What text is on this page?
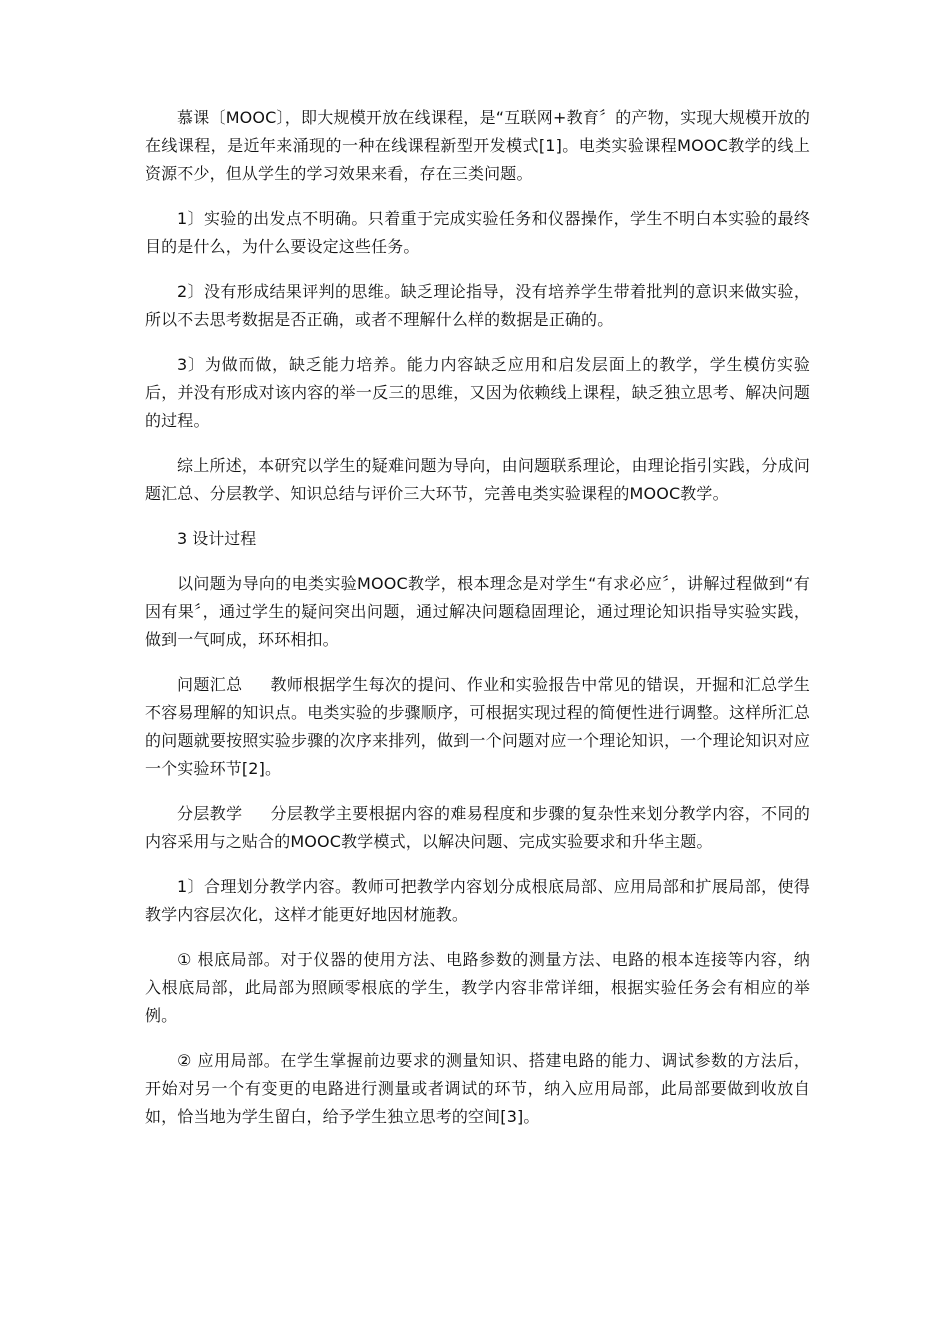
慕课〔MOOC〕，即大规模开放在线课程，是“互联网+教育〞的产物，实现大规模开放的在线课程，是近年来涌现的一种在线课程新型开发模式[1]。电类实验课程MOOC教学的线上资源不少，但从学生的学习效果来看，存在三类问题。

1〕实验的出发点不明确。只着重于完成实验任务和仪器操作，学生不明白本实验的最终目的是什么，为什么要设定这些任务。

2〕没有形成结果评判的思维。缺乏理论指导，没有培养学生带着批判的意识来做实验，所以不去思考数据是否正确，或者不理解什么样的数据是正确的。

3〕为做而做，缺乏能力培养。能力内容缺乏应用和启发层面上的教学，学生模仿实验后，并没有形成对该内容的举一反三的思维，又因为依赖线上课程，缺乏独立思考、解决问题的过程。

综上所述，本研究以学生的疑难问题为导向，由问题联系理论，由理论指引实践，分成问题汇总、分层教学、知识总结与评价三大环节，完善电类实验课程的MOOC教学。

3 设计过程

以问题为导向的电类实验MOOC教学，根本理念是对学生“有求必应〞，讲解过程做到“有因有果〞，通过学生的疑问突出问题，通过解决问题稳固理论，通过理论知识指导实验实践，做到一气呵成，环环相扣。

问题汇总 教师根据学生每次的提问、作业和实验报告中常见的错误，开掘和汇总学生不容易理解的知识点。电类实验的步骤顺序，可根据实现过程的简便性进行调整。这样所汇总的问题就要按照实验步骤的次序来排列，做到一个问题对应一个理论知识，一个理论知识对应一个实验环节[2]。

分层教学 分层教学主要根据内容的难易程度和步骤的复杂性来划分教学内容，不同的内容采用与之贴合的MOOC教学模式，以解决问题、完成实验要求和升华主题。

1〕合理划分教学内容。教师可把教学内容划分成根底局部、应用局部和扩展局部，使得教学内容层次化，这样才能更好地因材施教。

① 根底局部。对于仪器的使用方法、电路参数的测量方法、电路的根本连接等内容，纳入根底局部，此局部为照顾零根底的学生，教学内容非常详细，根据实验任务会有相应的举例。

② 应用局部。在学生掌握前边要求的测量知识、搭建电路的能力、调试参数的方法后，开始对另一个有变更的电路进行测量或者调试的环节，纳入应用局部，此局部要做到收放自如，恰当地为学生留白，给予学生独立思考的空间[3]。
